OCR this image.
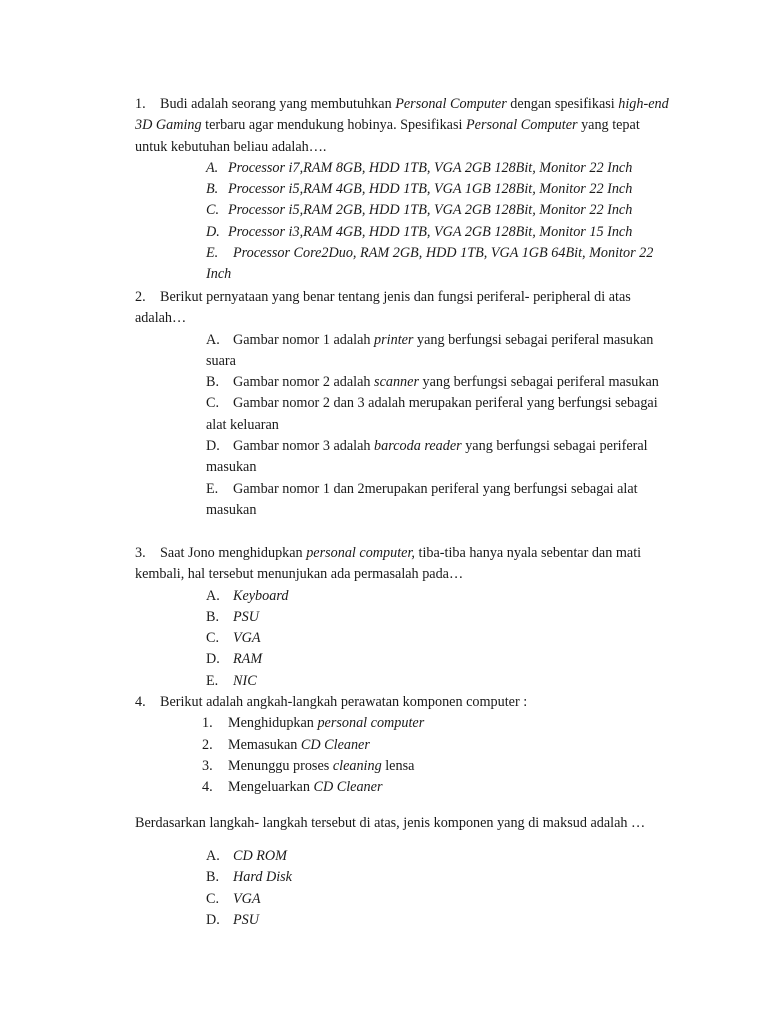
1. Budi adalah seorang yang membutuhkan Personal Computer dengan spesifikasi high-end 3D Gaming terbaru agar mendukung hobinya. Spesifikasi Personal Computer yang tepat untuk kebutuhan beliau adalah….
A. Processor i7,RAM 8GB, HDD 1TB, VGA 2GB 128Bit, Monitor 22 Inch
B. Processor i5,RAM 4GB, HDD 1TB, VGA 1GB 128Bit, Monitor 22 Inch
C. Processor i5,RAM 2GB, HDD 1TB, VGA 2GB 128Bit, Monitor 22 Inch
D. Processor i3,RAM 4GB, HDD 1TB, VGA 2GB 128Bit, Monitor 15 Inch
E. Processor Core2Duo, RAM 2GB, HDD 1TB, VGA 1GB 64Bit, Monitor 22 Inch
2. Berikut pernyataan yang benar tentang jenis dan fungsi periferal- peripheral di atas adalah…
A. Gambar nomor 1 adalah printer yang berfungsi sebagai periferal masukan suara
B. Gambar nomor 2 adalah scanner yang berfungsi sebagai periferal masukan
C. Gambar nomor 2 dan 3 adalah merupakan periferal yang berfungsi sebagai alat keluaran
D. Gambar nomor 3 adalah barcoda reader yang berfungsi sebagai periferal masukan
E. Gambar nomor 1 dan 2merupakan periferal yang berfungsi sebagai alat masukan
3. Saat Jono menghidupkan personal computer, tiba-tiba hanya nyala sebentar dan mati kembali, hal tersebut menunjukan ada permasalah pada…
A. Keyboard
B. PSU
C. VGA
D. RAM
E. NIC
4. Berikut adalah angkah-langkah perawatan komponen computer :
1. Menghidupkan personal computer
2. Memasukan CD Cleaner
3. Menunggu proses cleaning lensa
4. Mengeluarkan CD Cleaner
Berdasarkan langkah- langkah tersebut di atas, jenis komponen yang di maksud adalah …
A. CD ROM
B. Hard Disk
C. VGA
D. PSU
